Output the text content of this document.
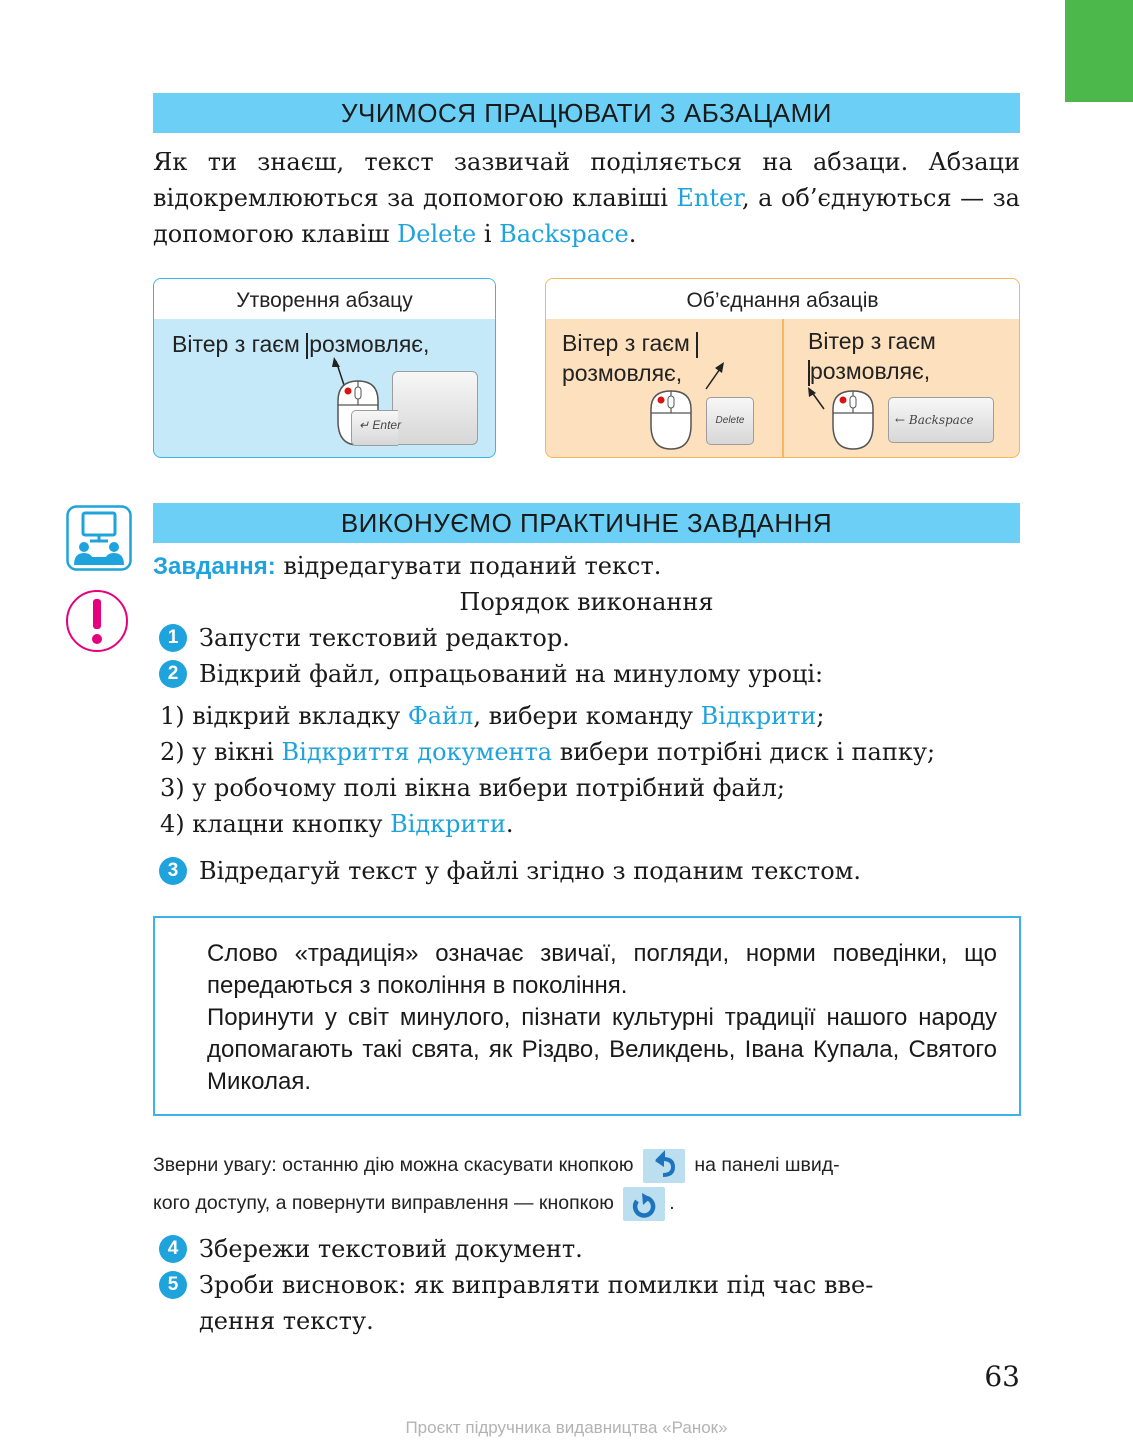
УЧИМОСЯ ПРАЦЮВАТИ З АБЗАЦАМИ
Як ти знаєш, текст зазвичай поділяється на абзаци. Абзаци відокремлюються за допомогою клавіші Enter, а об’єднуються — за допомогою клавіш Delete і Backspace.
Утворення абзацу
Вітер з гаєм розмовляє,
↵ Enter
Об’єднання абзаців
Вітер з гаєм
розмовляє,
Вітер з гаєм
розмовляє,
Delete	← Backspace
ВИКОНУЄМО ПРАКТИЧНЕ ЗАВДАННЯ
Завдання: відредагувати поданий текст.
Порядок виконання
1 Запусти текстовий редактор.
2 Відкрий файл, опрацьований на минулому уроці:
1) відкрий вкладку Файл, вибери команду Відкрити;
2) у вікні Відкриття документа вибери потрібні диск і папку;
3) у робочому полі вікна вибери потрібний файл;
4) клацни кнопку Відкрити.
3 Відредагуй текст у файлі згідно з поданим текстом.
Слово «традиція» означає звичаї, погляди, норми поведінки, що передаються з покоління в покоління.
Поринути у світ минулого, пізнати культурні традиції нашого народу допомагають такі свята, як Різдво, Великдень, Івана Купала, Святого Миколая.
Зверни увагу: останню дію можна скасувати кнопкою	на панелі швид-
кого доступу, а повернути виправлення — кнопкою	.
4 Збережи текстовий документ.
5 Зроби висновок: як виправляти помилки під час вве-
дення тексту.
63
Проєкт підручника видавництва «Ранок»
